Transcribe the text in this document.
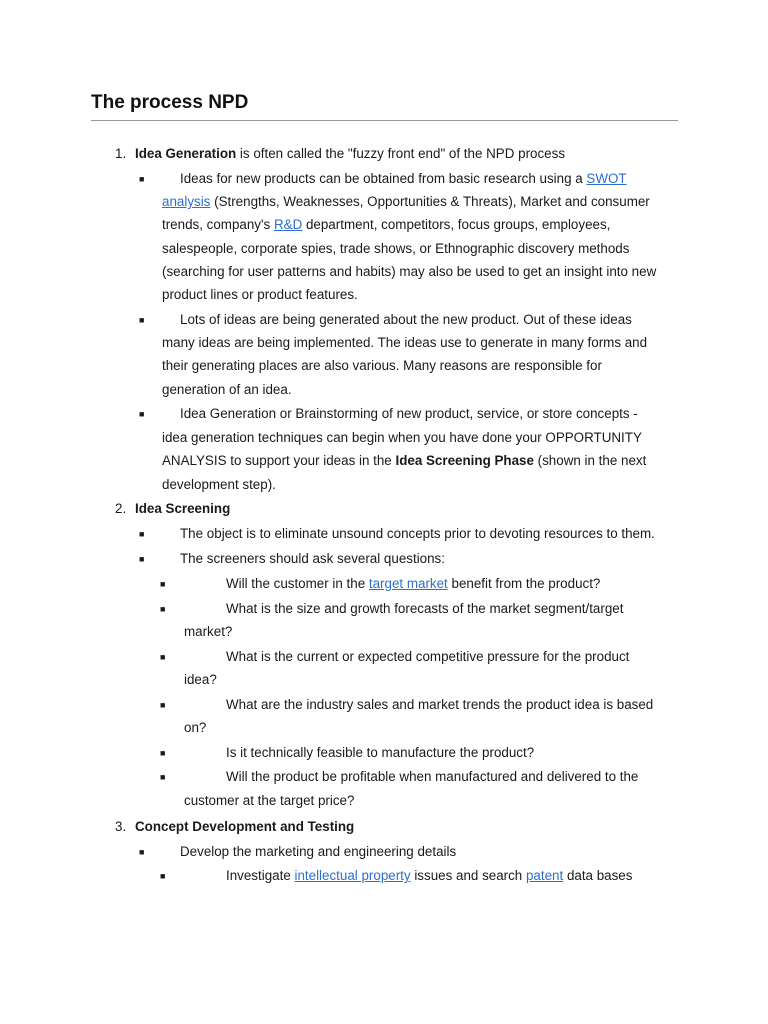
The process NPD
1. Idea Generation is often called the "fuzzy front end" of the NPD process
■	Ideas for new products can be obtained from basic research using a SWOT
analysis (Strengths, Weaknesses, Opportunities & Threats), Market and consumer
trends, company's R&D department, competitors, focus groups, employees,
salespeople, corporate spies, trade shows, or Ethnographic discovery methods
(searching for user patterns and habits) may also be used to get an insight into new
product lines or product features.
■	Lots of ideas are being generated about the new product. Out of these ideas
many ideas are being implemented. The ideas use to generate in many forms and
their generating places are also various. Many reasons are responsible for
generation of an idea.
■	Idea Generation or Brainstorming of new product, service, or store concepts -
idea generation techniques can begin when you have done your OPPORTUNITY
ANALYSIS to support your ideas in the Idea Screening Phase (shown in the next
development step).
2. Idea Screening
■	The object is to eliminate unsound concepts prior to devoting resources to them.
■	The screeners should ask several questions:
■	Will the customer in the target market benefit from the product?
■	What is the size and growth forecasts of the market segment/target
market?
■	What is the current or expected competitive pressure for the product
idea?
■	What are the industry sales and market trends the product idea is based
on?
■	Is it technically feasible to manufacture the product?
■	Will the product be profitable when manufactured and delivered to the
customer at the target price?
3. Concept Development and Testing
■	Develop the marketing and engineering details
■	Investigate intellectual property issues and search patent data bases
